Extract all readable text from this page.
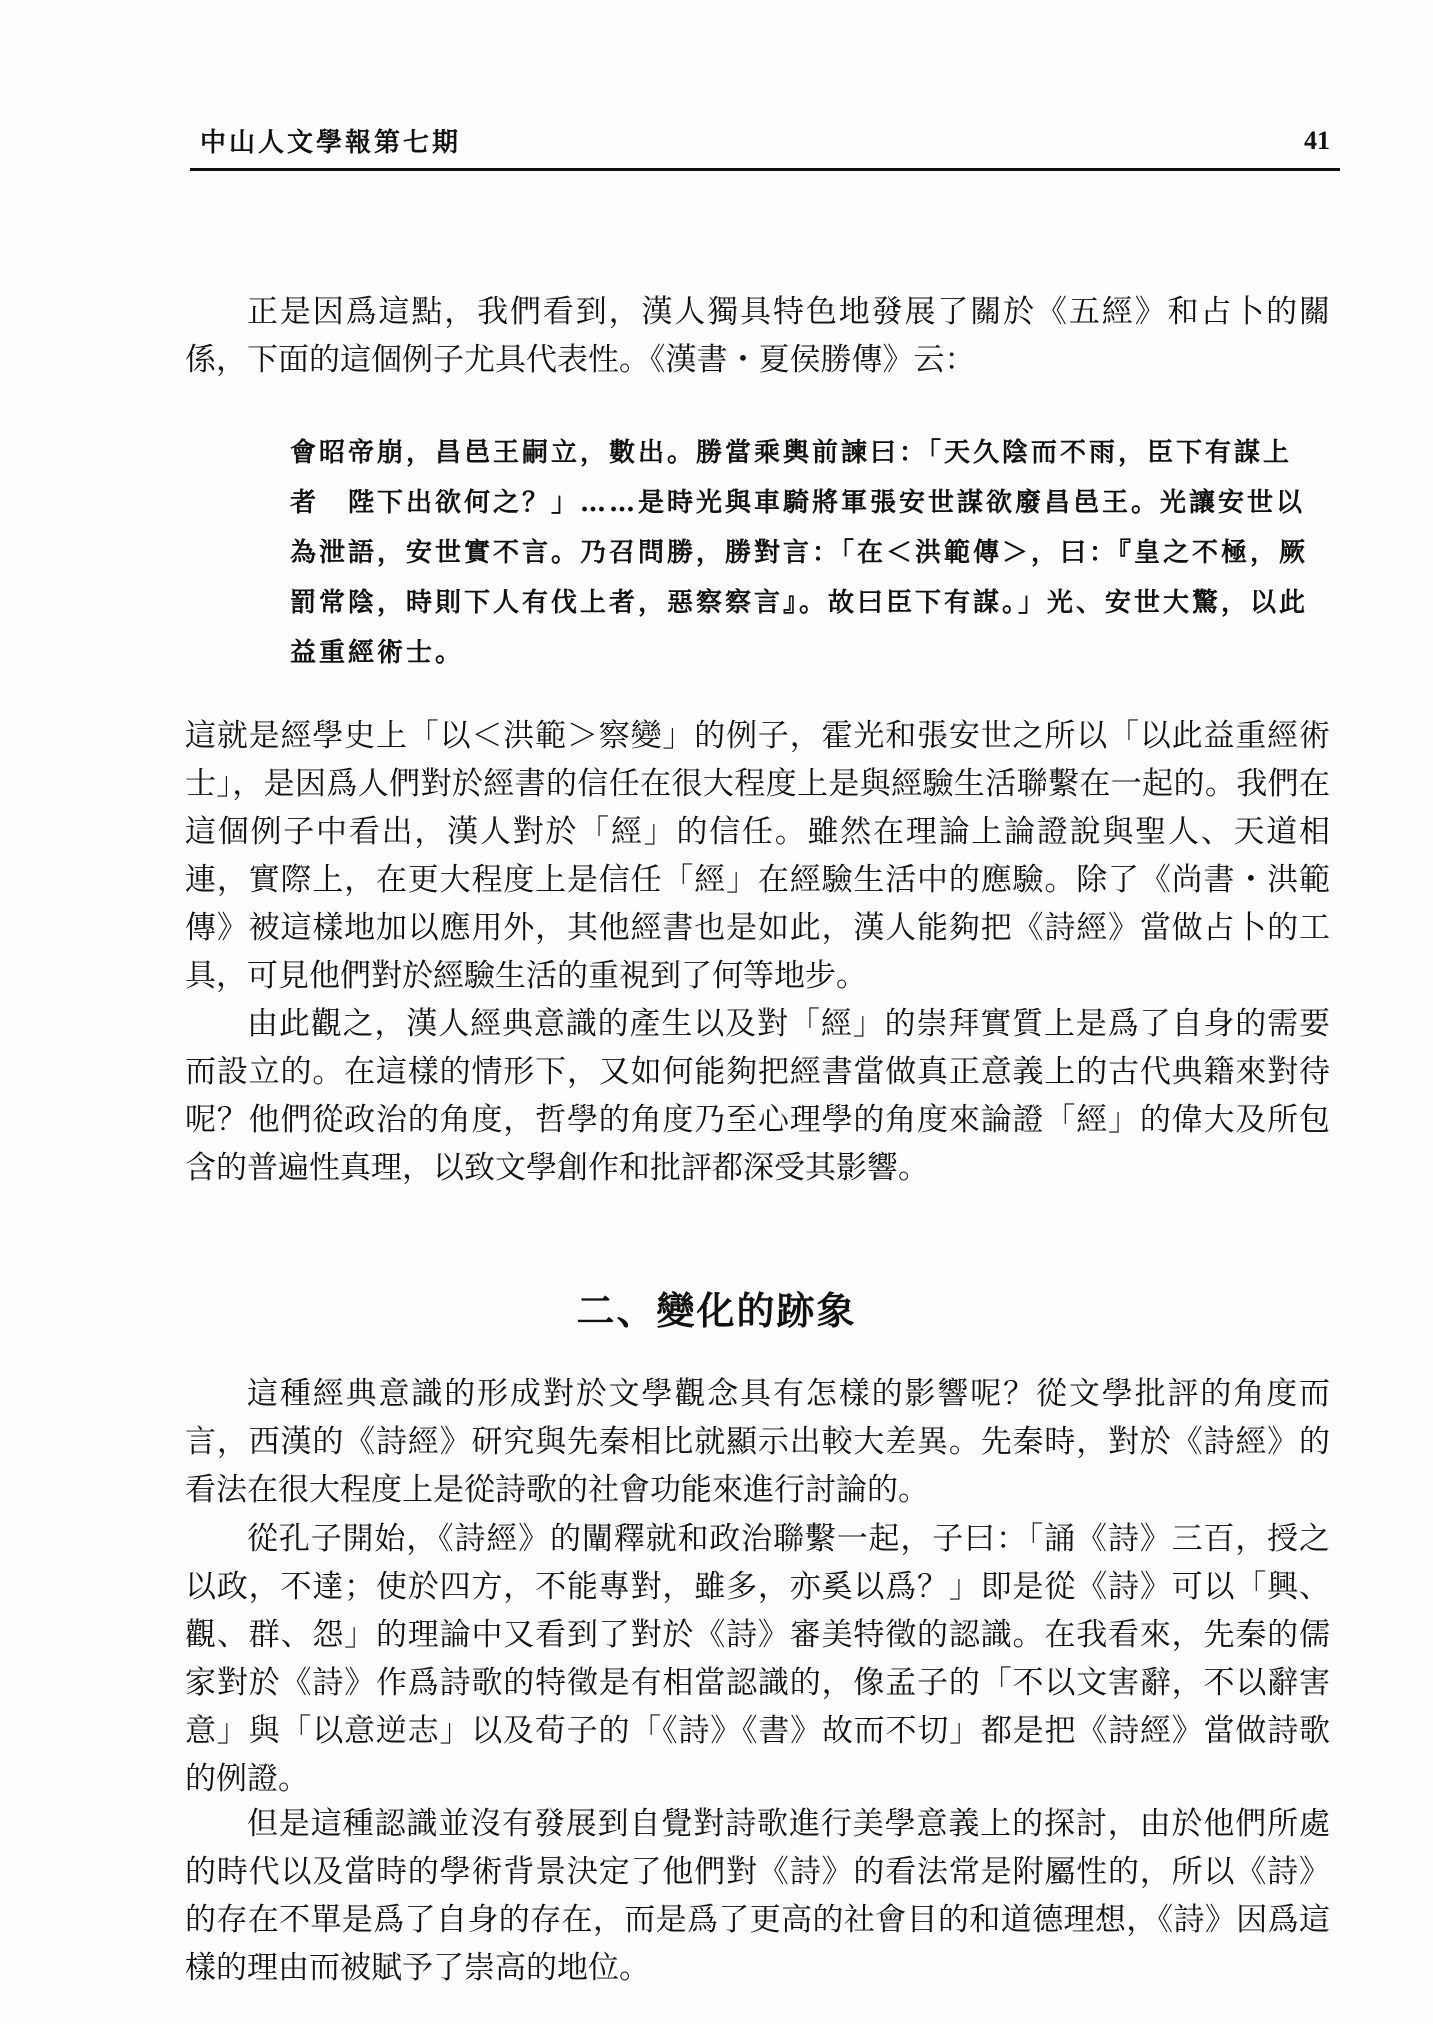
中山人文學報第七期	41

正是因爲這點，我們看到，漢人獨具特色地發展了關於《五經》和占卜的關係，下面的這個例子尤具代表性。《漢書・夏侯勝傳》云：

會昭帝崩，昌邑王嗣立，數出。勝當乘輿前諫曰：「天久陰而不雨，臣下有謀上者　陛下出欲何之？」……是時光與車騎將軍張安世謀欲廢昌邑王。光讓安世以為泄語，安世實不言。乃召問勝，勝對言：「在＜洪範傳＞，曰：『皇之不極，厥罰常陰，時則下人有伐上者，惡察察言』。故曰臣下有謀。」光、安世大驚，以此益重經術士。

這就是經學史上「以＜洪範＞察變」的例子，霍光和張安世之所以「以此益重經術士」，是因爲人們對於經書的信任在很大程度上是與經驗生活聯繫在一起的。我們在這個例子中看出，漢人對於「經」的信任。雖然在理論上論證說與聖人、天道相連，實際上，在更大程度上是信任「經」在經驗生活中的應驗。除了《尚書・洪範傳》被這樣地加以應用外，其他經書也是如此，漢人能夠把《詩經》當做占卜的工具，可見他們對於經驗生活的重視到了何等地步。

由此觀之，漢人經典意識的產生以及對「經」的崇拜實質上是爲了自身的需要而設立的。在這樣的情形下，又如何能夠把經書當做真正意義上的古代典籍來對待呢？他們從政治的角度，哲學的角度乃至心理學的角度來論證「經」的偉大及所包含的普遍性真理，以致文學創作和批評都深受其影響。

二、變化的跡象

這種經典意識的形成對於文學觀念具有怎樣的影響呢？從文學批評的角度而言，西漢的《詩經》研究與先秦相比就顯示出較大差異。先秦時，對於《詩經》的看法在很大程度上是從詩歌的社會功能來進行討論的。

從孔子開始，《詩經》的闡釋就和政治聯繫一起，子曰：「誦《詩》三百，授之以政，不達；使於四方，不能專對，雖多，亦奚以爲？」即是從《詩》可以「興、觀、群、怨」的理論中又看到了對於《詩》審美特徵的認識。在我看來，先秦的儒家對於《詩》作爲詩歌的特徵是有相當認識的，像孟子的「不以文害辭，不以辭害意」與「以意逆志」以及荀子的「《詩》《書》故而不切」都是把《詩經》當做詩歌的例證。

但是這種認識並沒有發展到自覺對詩歌進行美學意義上的探討，由於他們所處的時代以及當時的學術背景決定了他們對《詩》的看法常是附屬性的，所以《詩》的存在不單是爲了自身的存在，而是爲了更高的社會目的和道德理想，《詩》因爲這樣的理由而被賦予了崇高的地位。
